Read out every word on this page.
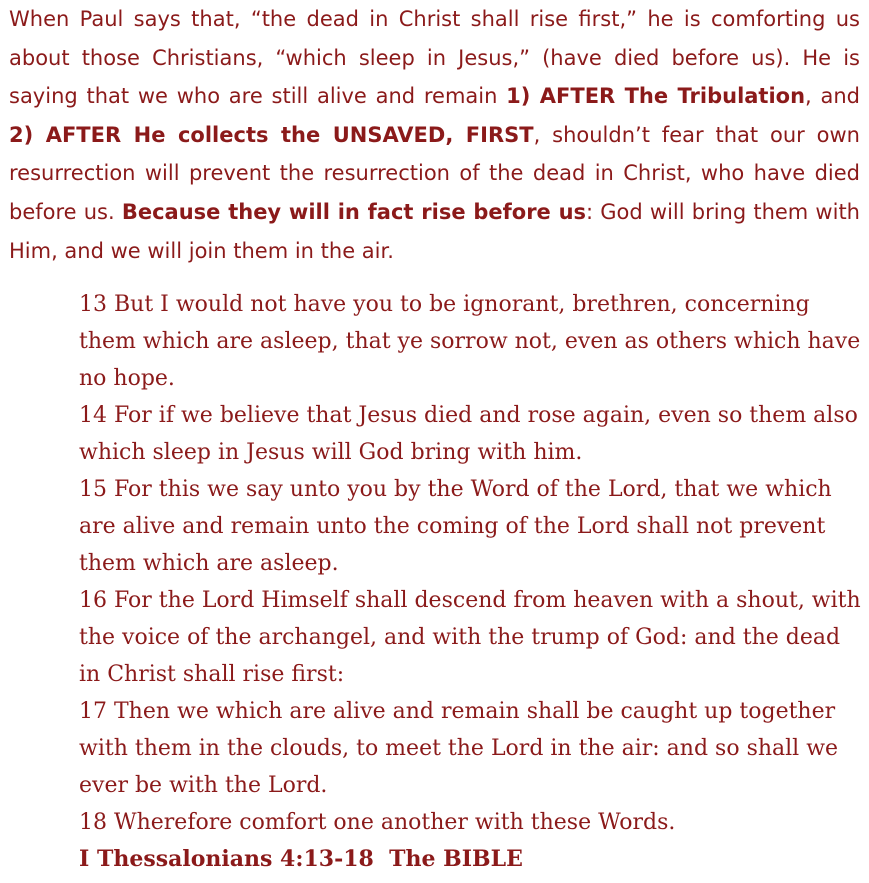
When Paul says that, “the dead in Christ shall rise first,” he is comforting us about those Christians, “which sleep in Jesus,” (have died before us). He is saying that we who are still alive and remain 1) AFTER The Tribulation, and 2) AFTER He collects the UNSAVED, FIRST, shouldn’t fear that our own resurrection will prevent the resurrection of the dead in Christ, who have died before us. Because they will in fact rise before us: God will bring them with Him, and we will join them in the air.

13 But I would not have you to be ignorant, brethren, concerning them which are asleep, that ye sorrow not, even as others which have no hope.

14 For if we believe that Jesus died and rose again, even so them also which sleep in Jesus will God bring with him.

15 For this we say unto you by the Word of the Lord, that we which are alive and remain unto the coming of the Lord shall not prevent them which are asleep.

16 For the Lord Himself shall descend from heaven with a shout, with the voice of the archangel, and with the trump of God: and the dead in Christ shall rise first:

17 Then we which are alive and remain shall be caught up together with them in the clouds, to meet the Lord in the air: and so shall we ever be with the Lord.

18 Wherefore comfort one another with these Words.

I Thessalonians 4:13-18  The BIBLE
